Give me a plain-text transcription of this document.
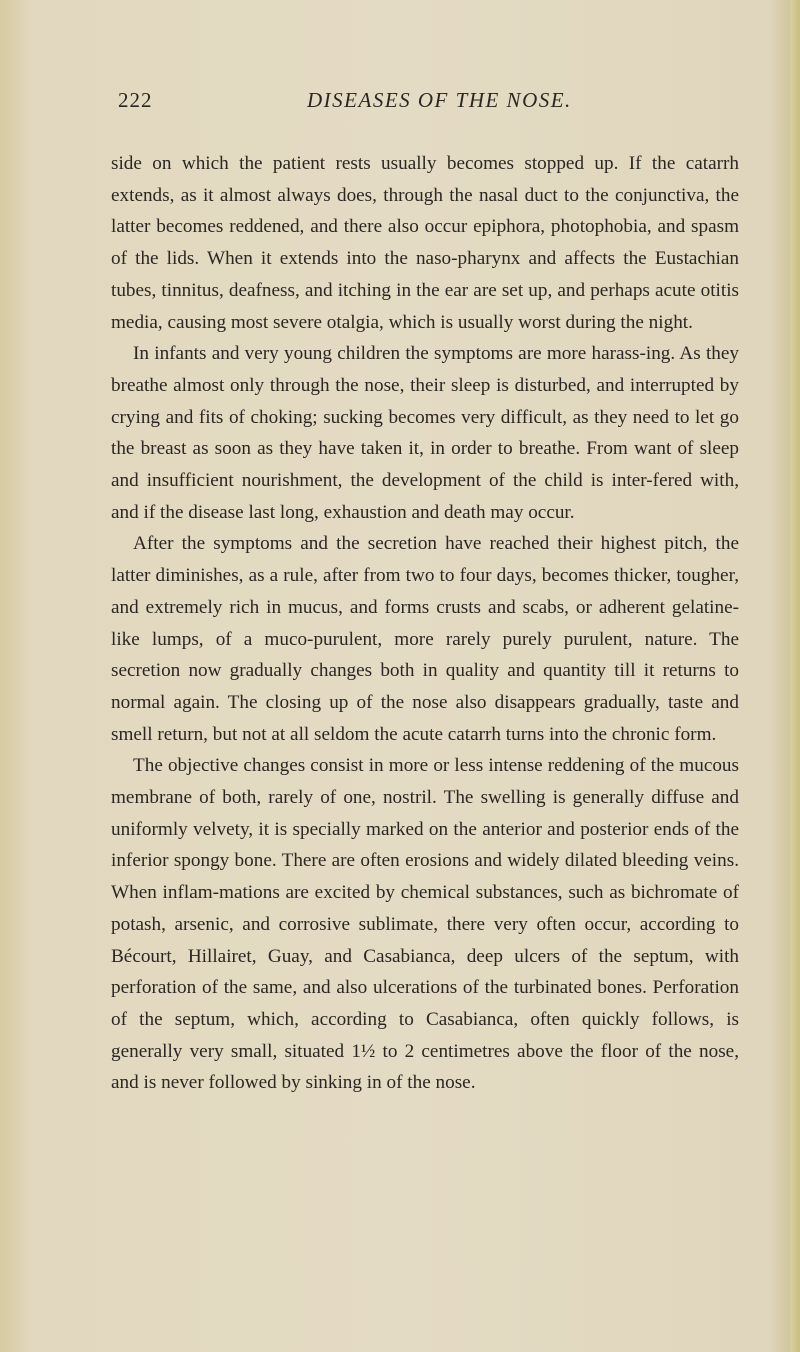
222	DISEASES OF THE NOSE.

side on which the patient rests usually becomes stopped up. If the catarrh extends, as it almost always does, through the nasal duct to the conjunctiva, the latter becomes reddened, and there also occur epiphora, photophobia, and spasm of the lids. When it extends into the naso-pharynx and affects the Eustachian tubes, tinnitus, deafness, and itching in the ear are set up, and perhaps acute otitis media, causing most severe otalgia, which is usually worst during the night.

In infants and very young children the symptoms are more harass-ing. As they breathe almost only through the nose, their sleep is disturbed, and interrupted by crying and fits of choking; sucking becomes very difficult, as they need to let go the breast as soon as they have taken it, in order to breathe. From want of sleep and insufficient nourishment, the development of the child is inter-fered with, and if the disease last long, exhaustion and death may occur.

After the symptoms and the secretion have reached their highest pitch, the latter diminishes, as a rule, after from two to four days, becomes thicker, tougher, and extremely rich in mucus, and forms crusts and scabs, or adherent gelatine-like lumps, of a muco-purulent, more rarely purely purulent, nature. The secretion now gradually changes both in quality and quantity till it returns to normal again. The closing up of the nose also disappears gradually, taste and smell return, but not at all seldom the acute catarrh turns into the chronic form.

The objective changes consist in more or less intense reddening of the mucous membrane of both, rarely of one, nostril. The swelling is generally diffuse and uniformly velvety, it is specially marked on the anterior and posterior ends of the inferior spongy bone. There are often erosions and widely dilated bleeding veins. When inflam-mations are excited by chemical substances, such as bichromate of potash, arsenic, and corrosive sublimate, there very often occur, according to Bécourt, Hillairet, Guay, and Casabianca, deep ulcers of the septum, with perforation of the same, and also ulcerations of the turbinated bones. Perforation of the septum, which, according to Casabianca, often quickly follows, is generally very small, situated 1½ to 2 centimetres above the floor of the nose, and is never followed by sinking in of the nose.
